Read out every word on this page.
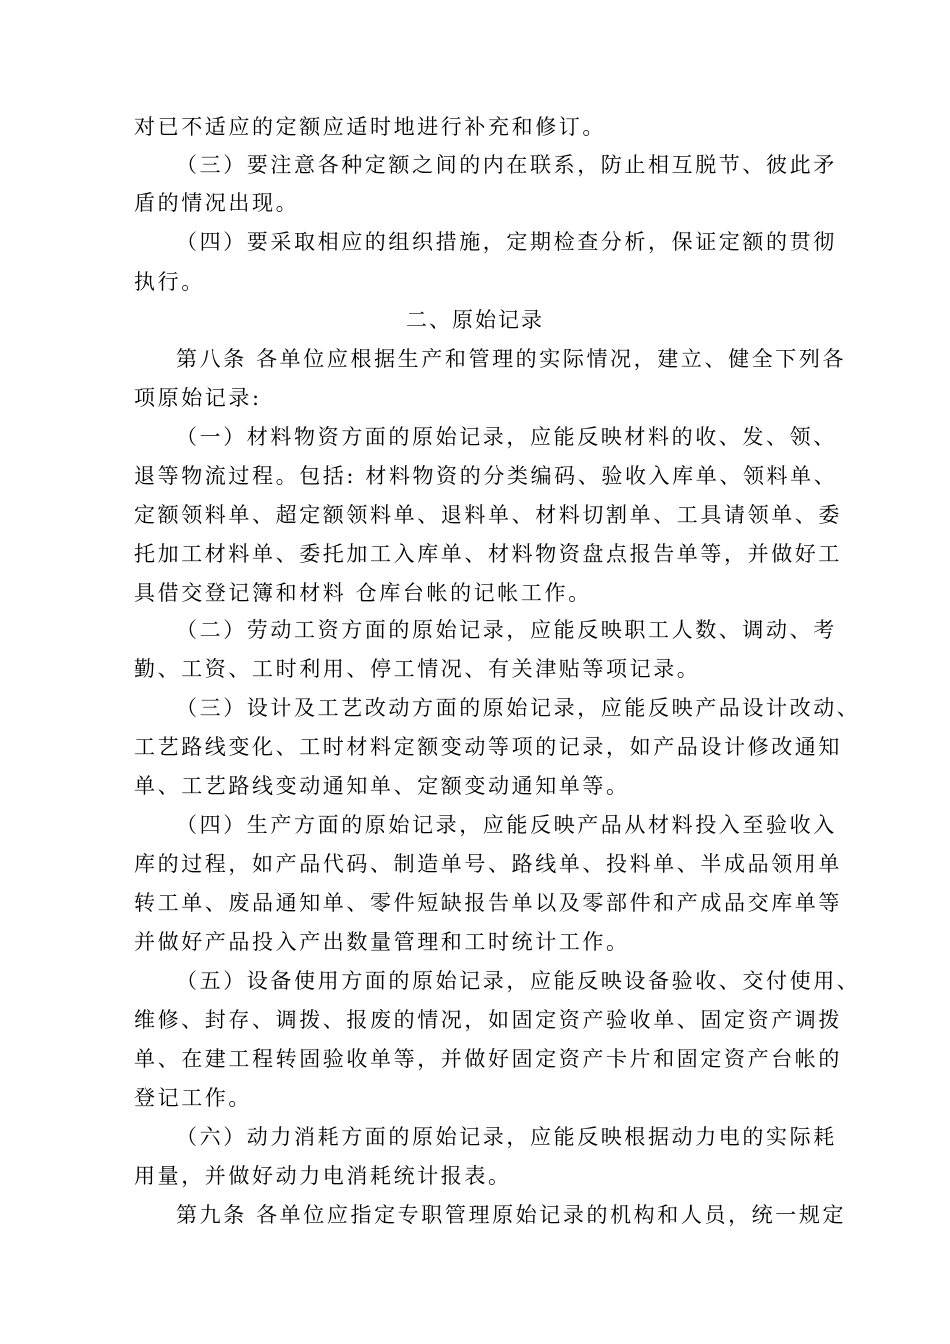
对已不适应的定额应适时地进行补充和修订。
（三）要注意各种定额之间的内在联系，防止相互脱节、彼此矛
盾的情况出现。
（四）要采取相应的组织措施，定期检查分析，保证定额的贯彻
执行。
二、原始记录
第八条 各单位应根据生产和管理的实际情况，建立、健全下列各
项原始记录:
（一）材料物资方面的原始记录，应能反映材料的收、发、领、
退等物流过程。包括: 材料物资的分类编码、验收入库单、领料单、
定额领料单、超定额领料单、退料单、材料切割单、工具请领单、委
托加工材料单、委托加工入库单、材料物资盘点报告单等，并做好工
具借交登记簿和材料 仓库台帐的记帐工作。
（二）劳动工资方面的原始记录，应能反映职工人数、调动、考
勤、工资、工时利用、停工情况、有关津贴等项记录。
（三）设计及工艺改动方面的原始记录，应能反映产品设计改动、
工艺路线变化、工时材料定额变动等项的记录，如产品设计修改通知
单、工艺路线变动通知单、定额变动通知单等。
（四）生产方面的原始记录，应能反映产品从材料投入至验收入
库的过程，如产品代码、制造单号、路线单、投料单、半成品领用单
转工单、废品通知单、零件短缺报告单以及零部件和产成品交库单等
并做好产品投入产出数量管理和工时统计工作。
（五）设备使用方面的原始记录，应能反映设备验收、交付使用、
维修、封存、调拨、报废的情况，如固定资产验收单、固定资产调拨
单、在建工程转固验收单等，并做好固定资产卡片和固定资产台帐的
登记工作。
（六）动力消耗方面的原始记录，应能反映根据动力电的实际耗
用量，并做好动力电消耗统计报表。
第九条 各单位应指定专职管理原始记录的机构和人员，统一规定
